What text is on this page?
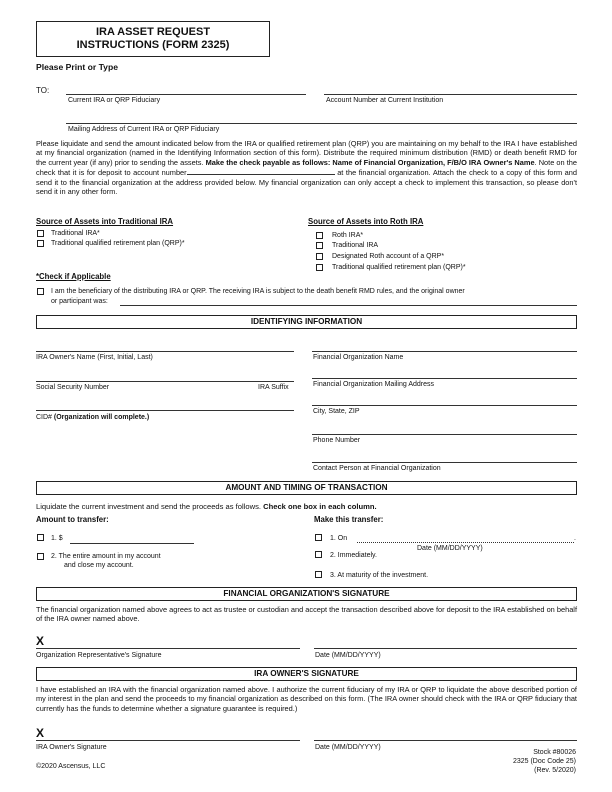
IRA ASSET REQUEST
INSTRUCTIONS (FORM 2325)
Please Print or Type
TO:
Current IRA or QRP Fiduciary	Account Number at Current Institution
Mailing Address of Current IRA or QRP Fiduciary
Please liquidate and send the amount indicated below from the IRA or qualified retirement plan (QRP) you are maintaining on my behalf to the IRA I have established at my financial organization (named in the Identifying Information section of this form). Distribute the required minimum distribution (RMD) or death benefit RMD for the current year (if any) prior to sending the assets. Make the check payable as follows: Name of Financial Organization, F/B/O IRA Owner's Name. Note on the check that it is for deposit to account number	at the financial organization. Attach the check to a copy of this form and send it to the financial organization at the address provided below. My financial organization can only accept a check to implement this transaction, so please don't send it in any other form.
Source of Assets into Traditional IRA
Traditional IRA*
Traditional qualified retirement plan (QRP)*
Source of Assets into Roth IRA
Roth IRA*
Traditional IRA
Designated Roth account of a QRP*
Traditional qualified retirement plan (QRP)*
*Check if Applicable
I am the beneficiary of the distributing IRA or QRP. The receiving IRA is subject to the death benefit RMD rules, and the original owner
or participant was:
IDENTIFYING INFORMATION
IRA Owner's Name (First, Initial, Last)
Social Security Number	IRA Suffix
CID# (Organization will complete.)
Financial Organization Name
Financial Organization Mailing Address
City, State, ZIP
Phone Number
Contact Person at Financial Organization
AMOUNT AND TIMING OF TRANSACTION
Liquidate the current investment and send the proceeds as follows. Check one box in each column.
Amount to transfer:
1. $
2. The entire amount in my account
and close my account.
Make this transfer:
1. On	.
Date (MM/DD/YYYY)
2. Immediately.
3. At maturity of the investment.
FINANCIAL ORGANIZATION'S SIGNATURE
The financial organization named above agrees to act as trustee or custodian and accept the transaction described above for deposit to the IRA established on behalf of the IRA owner named above.
X
Organization Representative's Signature	Date (MM/DD/YYYY)
IRA OWNER'S SIGNATURE
I have established an IRA with the financial organization named above. I authorize the current fiduciary of my IRA or QRP to liquidate the above described portion of my interest in the plan and send the proceeds to my financial organization as described on this form. (The IRA owner should check with the IRA or QRP fiduciary that currently has the funds to determine whether a signature guarantee is required.)
X
IRA Owner's Signature	Date (MM/DD/YYYY)
©2020 Ascensus, LLC
Stock #80026
2325 (Doc Code 25)
(Rev. 5/2020)
